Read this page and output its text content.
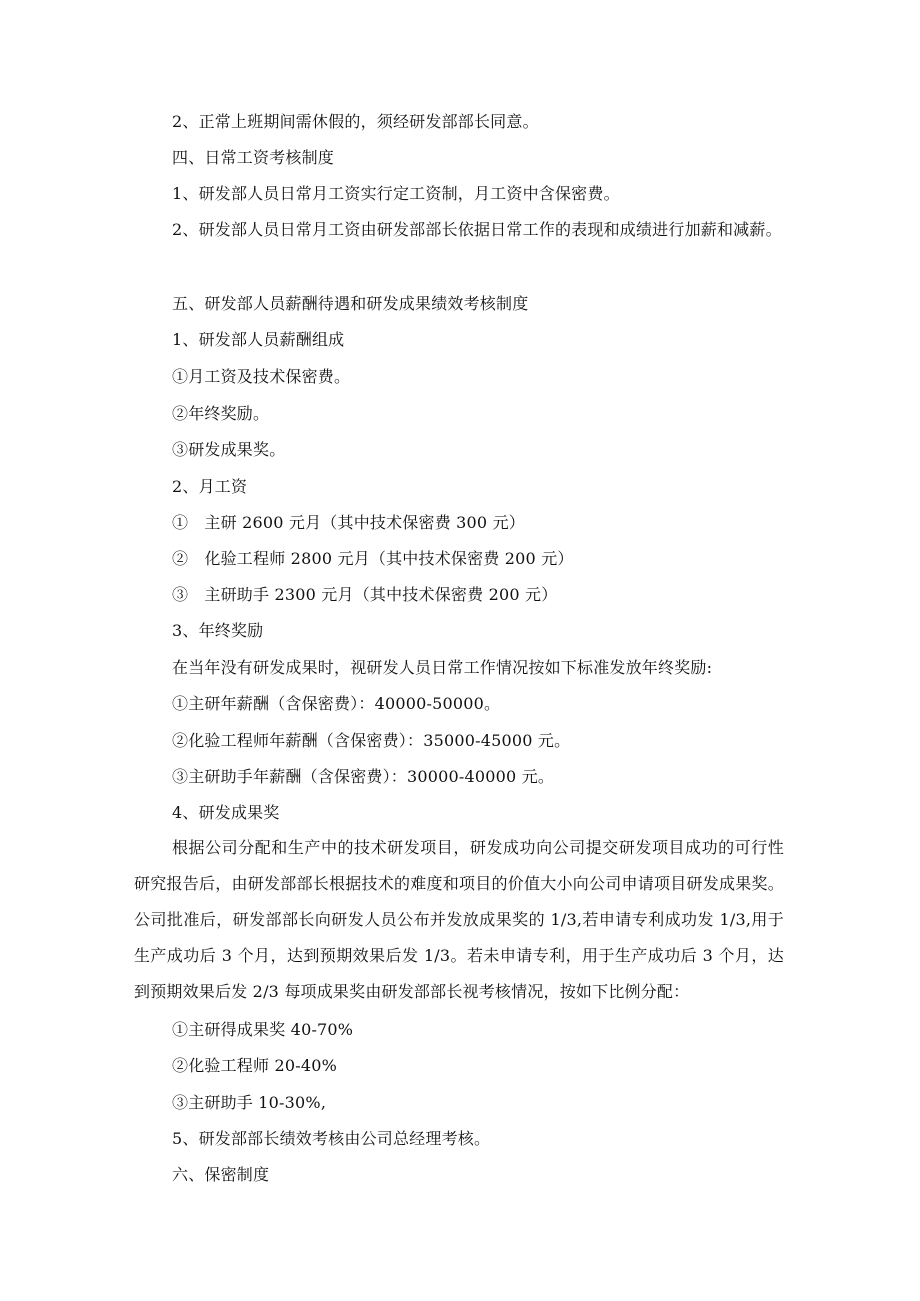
2、正常上班期间需休假的，须经研发部部长同意。
四、日常工资考核制度
1、研发部人员日常月工资实行定工资制，月工资中含保密费。
2、研发部人员日常月工资由研发部部长依据日常工作的表现和成绩进行加薪和减薪。
五、研发部人员薪酬待遇和研发成果绩效考核制度
1、研发部人员薪酬组成
①月工资及技术保密费。
②年终奖励。
③研发成果奖。
2、月工资
①　主研 2600 元月（其中技术保密费 300 元）
②　化验工程师 2800 元月（其中技术保密费 200 元）
③　主研助手 2300 元月（其中技术保密费 200 元）
3、年终奖励
在当年没有研发成果时，视研发人员日常工作情况按如下标准发放年终奖励:
①主研年薪酬（含保密费）：40000-50000。
②化验工程师年薪酬（含保密费）：35000-45000 元。
③主研助手年薪酬（含保密费）：30000-40000 元。
4、研发成果奖
根据公司分配和生产中的技术研发项目，研发成功向公司提交研发项目成功的可行性研究报告后，由研发部部长根据技术的难度和项目的价值大小向公司申请项目研发成果奖。公司批准后，研发部部长向研发人员公布并发放成果奖的 1/3,若申请专利成功发 1/3,用于生产成功后 3 个月，达到预期效果后发 1/3。若未申请专利，用于生产成功后 3 个月，达到预期效果后发 2/3 每项成果奖由研发部部长视考核情况，按如下比例分配：
①主研得成果奖 40-70%
②化验工程师 20-40%
③主研助手 10-30%,
5、研发部部长绩效考核由公司总经理考核。
六、保密制度
